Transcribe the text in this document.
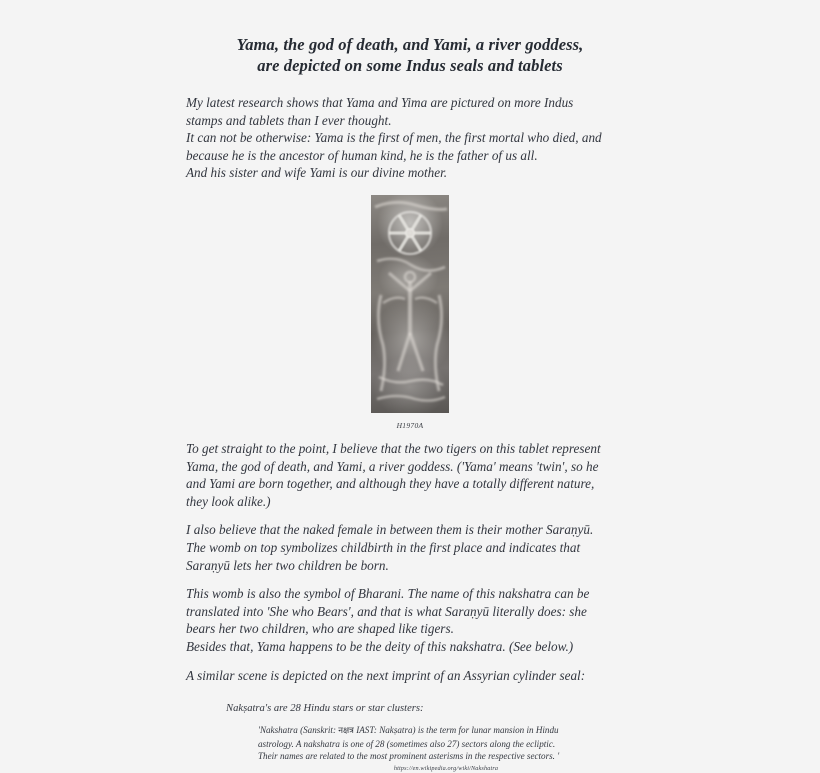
Yama, the god of death, and Yami, a river goddess,
are depicted on some Indus seals and tablets

My latest research shows that Yama and Yima are pictured on more Indus
stamps and tablets than I ever thought.
It can not be otherwise: Yama is the first of men, the first mortal who died, and
because he is the ancestor of human kind, he is the father of us all.
And his sister and wife Yami is our divine mother.

H1970A

To get straight to the point, I believe that the two tigers on this tablet represent
Yama, the god of death, and Yami, a river goddess. ('Yama' means 'twin', so he
and Yami are born together, and although they have a totally different nature,
they look alike.)

I also believe that the naked female in between them is their mother Saraṇyū.
The womb on top symbolizes childbirth in the first place and indicates that
Saraṇyū lets her two children be born.

This womb is also the symbol of Bharani. The name of this nakshatra can be
translated into 'She who Bears', and that is what Saraṇyū literally does: she
bears her two children, who are shaped like tigers.
Besides that, Yama happens to be the deity of this nakshatra. (See below.)

A similar scene is depicted on the next imprint of an Assyrian cylinder seal:

Nakṣatra's are 28 Hindu stars or star clusters:

'Nakshatra (Sanskrit: नक्षत्र IAST: Nakṣatra) is the term for lunar mansion in Hindu
astrology. A nakshatra is one of 28 (sometimes also 27) sectors along the ecliptic.
Their names are related to the most prominent asterisms in the respective sectors. '
https://en.wikipedia.org/wiki/Nakshatra
